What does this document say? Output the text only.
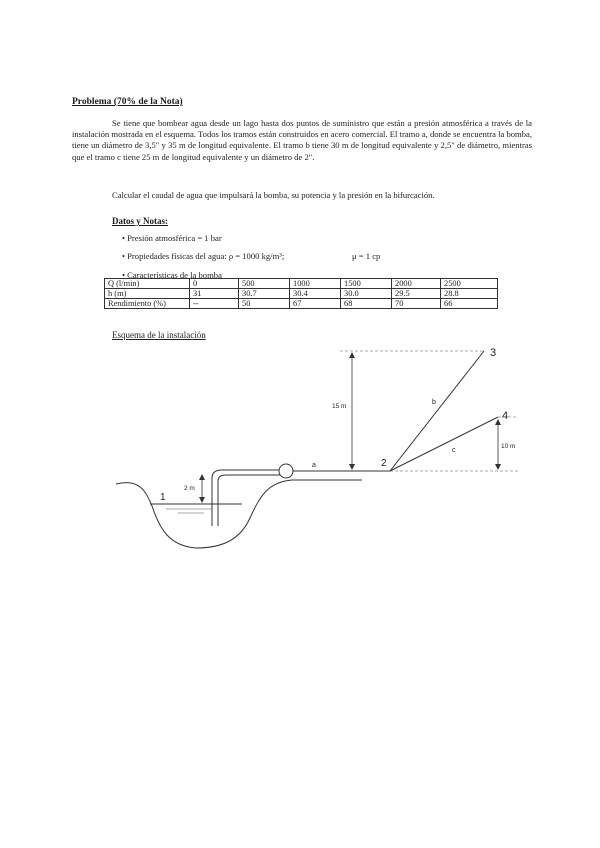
Problema (70% de la Nota)
Se tiene que bombear agua desde un lago hasta dos puntos de suministro que están a presión atmosférica a través de la instalación mostrada en el esquema. Todos los tramos están construidos en acero comercial. El tramo a, donde se encuentra la bomba, tiene un diámetro de 3,5" y 35 m de longitud equivalente. El tramo b tiene 30 m de longitud equivalente y 2,5" de diámetro, mientras que el tramo c tiene 25 m de longitud equivalente y un diámetro de 2".
Calcular el caudal de agua que impulsará la bomba, su potencia y la presión en la bifurcación.
Datos y Notas:
• Presión atmosférica = 1 bar
• Propiedades físicas del agua: ρ = 1000 kg/m³;	μ = 1 cp
• Características de la bomba
Q (l/min)	0	500	1000	1500	2000	2500
h (m)	31	30.7	30.4	30.0	29.5	28.8
Rendimiento (%)	--	50	67	68	70	66
Esquema de la instalación
a	2
b
3
c
4
15 m
10 m
2 m
1
